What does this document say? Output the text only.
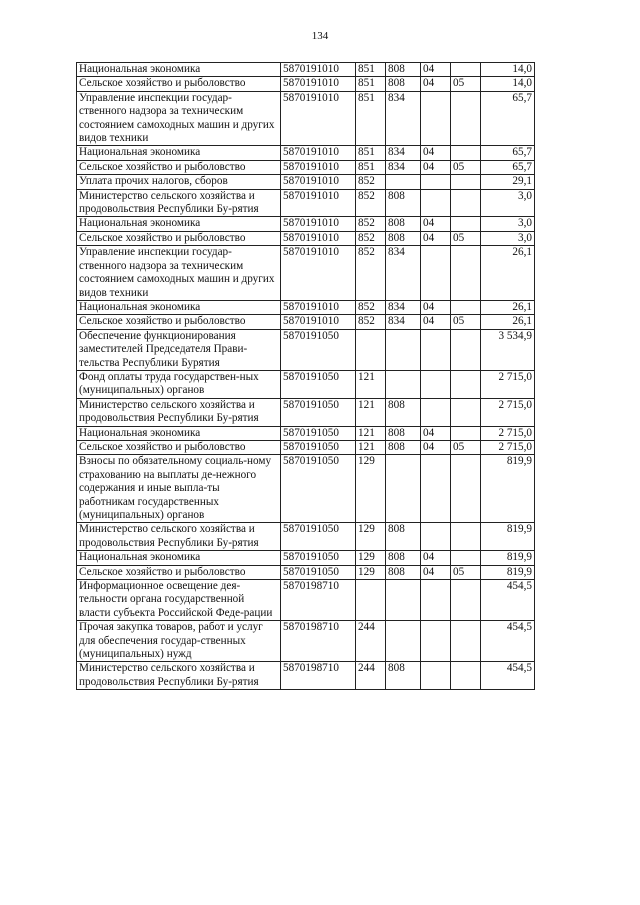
134
Национальная экономика	5870191010	851	808	04		14,0
Сельское хозяйство и рыболовство	5870191010	851	808	04	05	14,0
Управление инспекции государ-ственного надзора за техническим состоянием самоходных машин и других видов техники	5870191010	851	834			65,7
Национальная экономика	5870191010	851	834	04		65,7
Сельское хозяйство и рыболовство	5870191010	851	834	04	05	65,7
Уплата прочих налогов, сборов	5870191010	852				29,1
Министерство сельского хозяйства и продовольствия Республики Бу-рятия	5870191010	852	808			3,0
Национальная экономика	5870191010	852	808	04		3,0
Сельское хозяйство и рыболовство	5870191010	852	808	04	05	3,0
Управление инспекции государ-ственного надзора за техническим состоянием самоходных машин и других видов техники	5870191010	852	834			26,1
Национальная экономика	5870191010	852	834	04		26,1
Сельское хозяйство и рыболовство	5870191010	852	834	04	05	26,1
Обеспечение функционирования заместителей Председателя Прави-тельства Республики Бурятия	5870191050					3 534,9
Фонд оплаты труда государствен-ных (муниципальных) органов	5870191050	121				2 715,0
Министерство сельского хозяйства и продовольствия Республики Бу-рятия	5870191050	121	808			2 715,0
Национальная экономика	5870191050	121	808	04		2 715,0
Сельское хозяйство и рыболовство	5870191050	121	808	04	05	2 715,0
Взносы по обязательному социаль-ному страхованию на выплаты де-нежного содержания и иные выпла-ты работникам государственных (муниципальных) органов	5870191050	129				819,9
Министерство сельского хозяйства и продовольствия Республики Бу-рятия	5870191050	129	808			819,9
Национальная экономика	5870191050	129	808	04		819,9
Сельское хозяйство и рыболовство	5870191050	129	808	04	05	819,9
Информационное освещение дея-тельности органа государственной власти субъекта Российской Феде-рации	5870198710					454,5
Прочая закупка товаров, работ и услуг для обеспечения государ-ственных (муниципальных) нужд	5870198710	244				454,5
Министерство сельского хозяйства и продовольствия Республики Бу-рятия	5870198710	244	808			454,5
